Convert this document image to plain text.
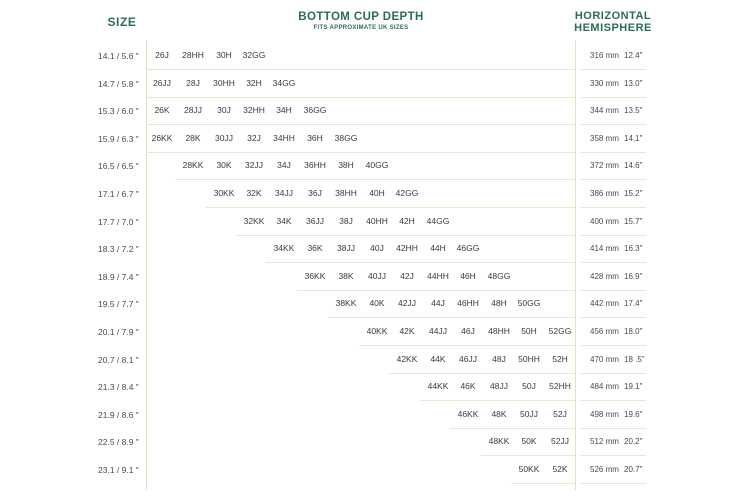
SIZE	BOTTOM CUP DEPTH
FITS APPROXIMATE UK SIZES
HORIZONTAL
HEMISPHERE
14.1 / 5.6 " 26J 28HH 30H 32GG	316 mm 12.4"
14.7 / 5.8 " 26JJ 28J 30HH 32H 34GG	330 mm 13.0"
15.3 / 6.0 " 26K 28JJ 30J 32HH 34H 36GG	344 mm 13.5"
15.9 / 6.3 " 26KK 28K 30JJ 32J 34HH 36H 38GG	358 mm 14.1"
16.5 / 6.5 "	28KK 30K 32JJ 34J 36HH 38H 40GG	372 mm 14.6"
17.1 / 6.7 "	30KK 32K 34JJ 36J 38HH 40H 42GG	386 mm 15.2"
17.7 / 7.0 "	32KK 34K 36JJ 38J 40HH 42H 44GG	400 mm 15.7"
18.3 / 7.2 "	34KK 36K 38JJ 40J 42HH 44H 46GG	414 mm 16.3"
18.9 / 7.4 "	36KK 38K 40JJ 42J 44HH 46H 48GG	428 mm 16.9"
19.5 / 7.7 "	38KK 40K 42JJ 44J 46HH 48H 50GG	442 mm 17.4"
20.1 / 7.9 "	40KK 42K 44JJ 46J 48HH 50H 52GG 456 mm 18.0"
20.7 / 8.1 "	42KK 44K 46JJ 48J 50HH 52H	470 mm 18 .5"
21.3 / 8.4 "	44KK 46K 48JJ 50J 52HH 484 mm 19.1"
21.9 / 8.6 "	46KK 48K 50JJ 52J	498 mm 19.6"
22.5 / 8.9 "	48KK 50K 52JJ	512 mm 20.2"
23.1 / 9.1 "	50KK 52K	526 mm 20.7"
